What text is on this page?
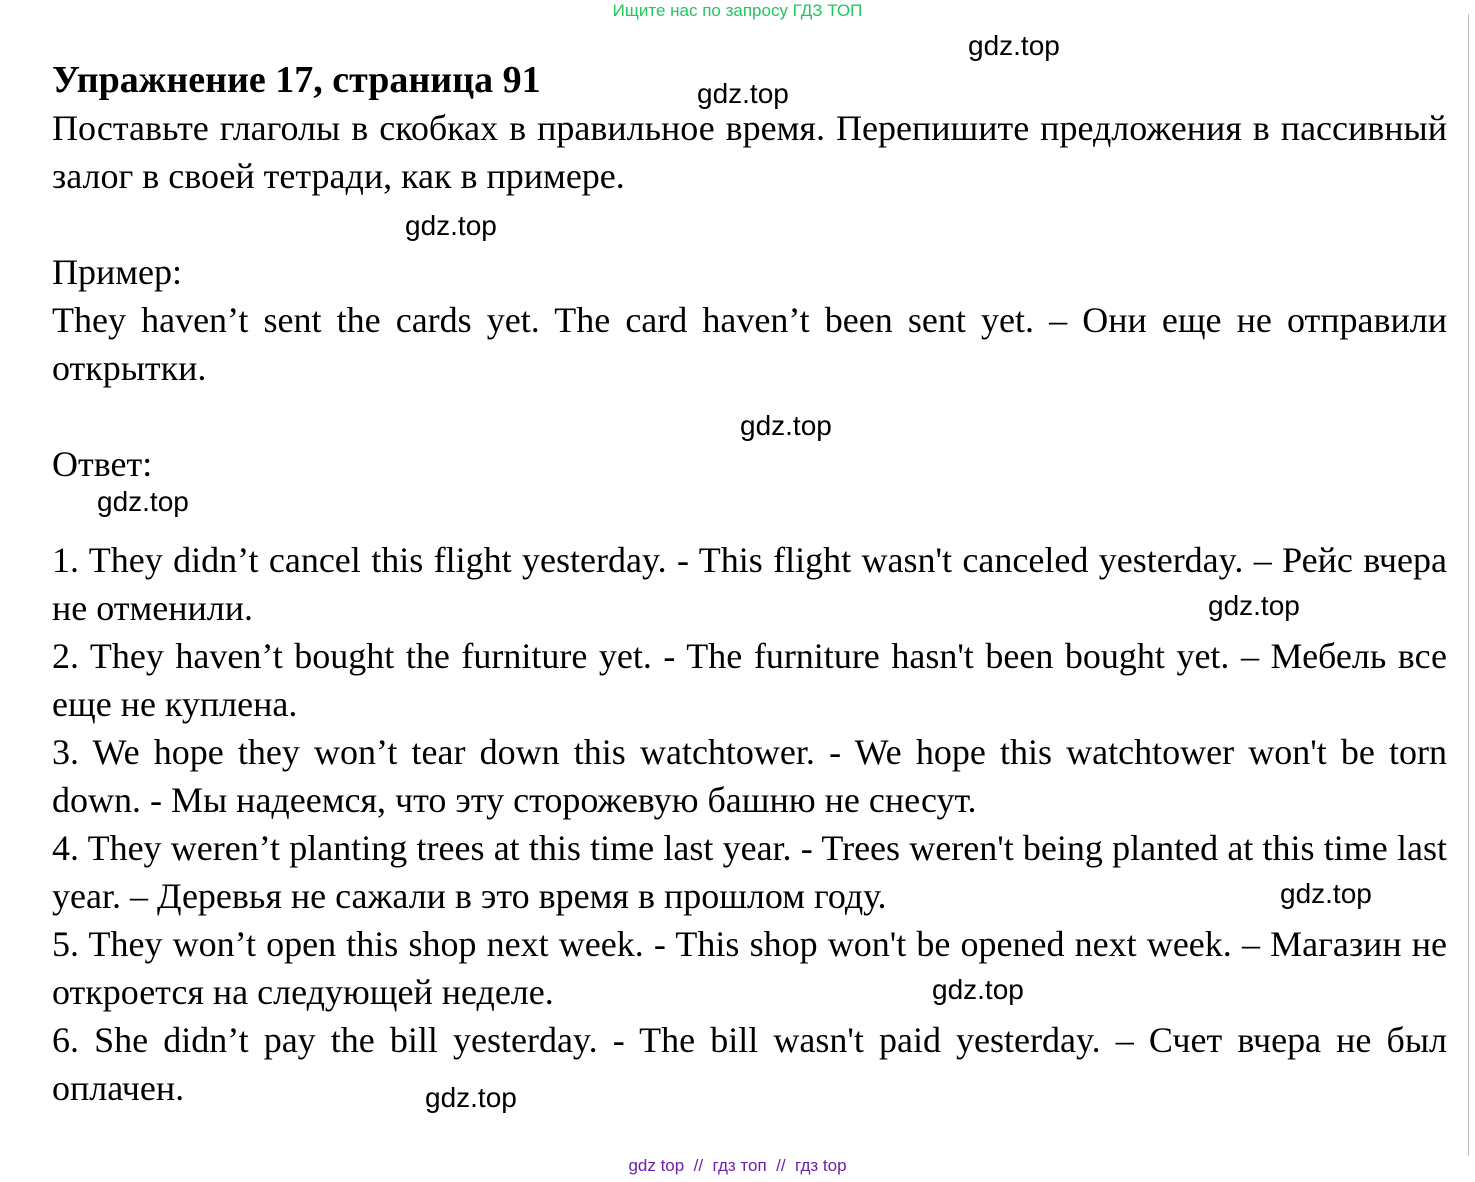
Ищите нас по запросу ГДЗ ТОП
Упражнение 17, страница 91

Поставьте глаголы в скобках в правильное время. Перепишите предложения в пассивный залог в своей тетради, как в примере.

Пример:

They haven’t sent the cards yet. The card haven’t been sent yet. – Они еще не отправили открытки.

Ответ:

1. They didn’t cancel this flight yesterday. - This flight wasn't canceled yesterday. – Рейс вчера не отменили.
2. They haven’t bought the furniture yet. - The furniture hasn't been bought yet. – Мебель все еще не куплена.
3. We hope they won’t tear down this watchtower. - We hope this watchtower won't be torn down. - Мы надеемся, что эту сторожевую башню не снесут.
4. They weren’t planting trees at this time last year. - Trees weren't being planted at this time last year. – Деревья не сажали в это время в прошлом году.
5. They won’t open this shop next week. - This shop won't be opened next week. – Магазин не откроется на следующей неделе.
6. She didn’t pay the bill yesterday. - The bill wasn't paid yesterday. – Счет вчера не был оплачен.
gdz.top
gdz.top
gdz.top
gdz.top
gdz.top
gdz.top
gdz.top
gdz.top
gdz.top
gdz top  //  гдз топ  //  гдз top
